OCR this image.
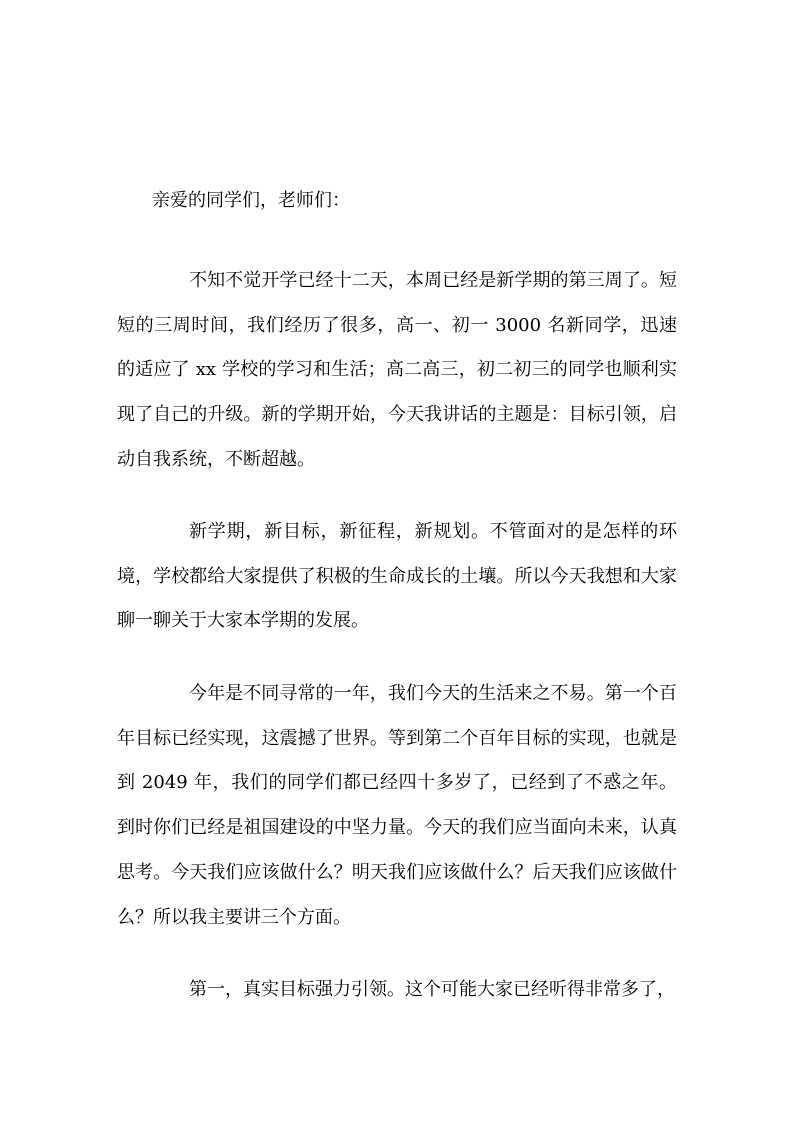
亲爱的同学们，老师们：

不知不觉开学已经十二天，本周已经是新学期的第三周了。短短的三周时间，我们经历了很多，高一、初一 3000 名新同学，迅速的适应了 xx 学校的学习和生活；高二高三，初二初三的同学也顺利实现了自己的升级。新的学期开始，今天我讲话的主题是：目标引领，启动自我系统，不断超越。

新学期，新目标，新征程，新规划。不管面对的是怎样的环境，学校都给大家提供了积极的生命成长的土壤。所以今天我想和大家聊一聊关于大家本学期的发展。

今年是不同寻常的一年，我们今天的生活来之不易。第一个百年目标已经实现，这震撼了世界。等到第二个百年目标的实现，也就是到 2049 年，我们的同学们都已经四十多岁了，已经到了不惑之年。到时你们已经是祖国建设的中坚力量。今天的我们应当面向未来，认真思考。今天我们应该做什么？明天我们应该做什么？后天我们应该做什么？所以我主要讲三个方面。

第一，真实目标强力引领。这个可能大家已经听得非常多了，
